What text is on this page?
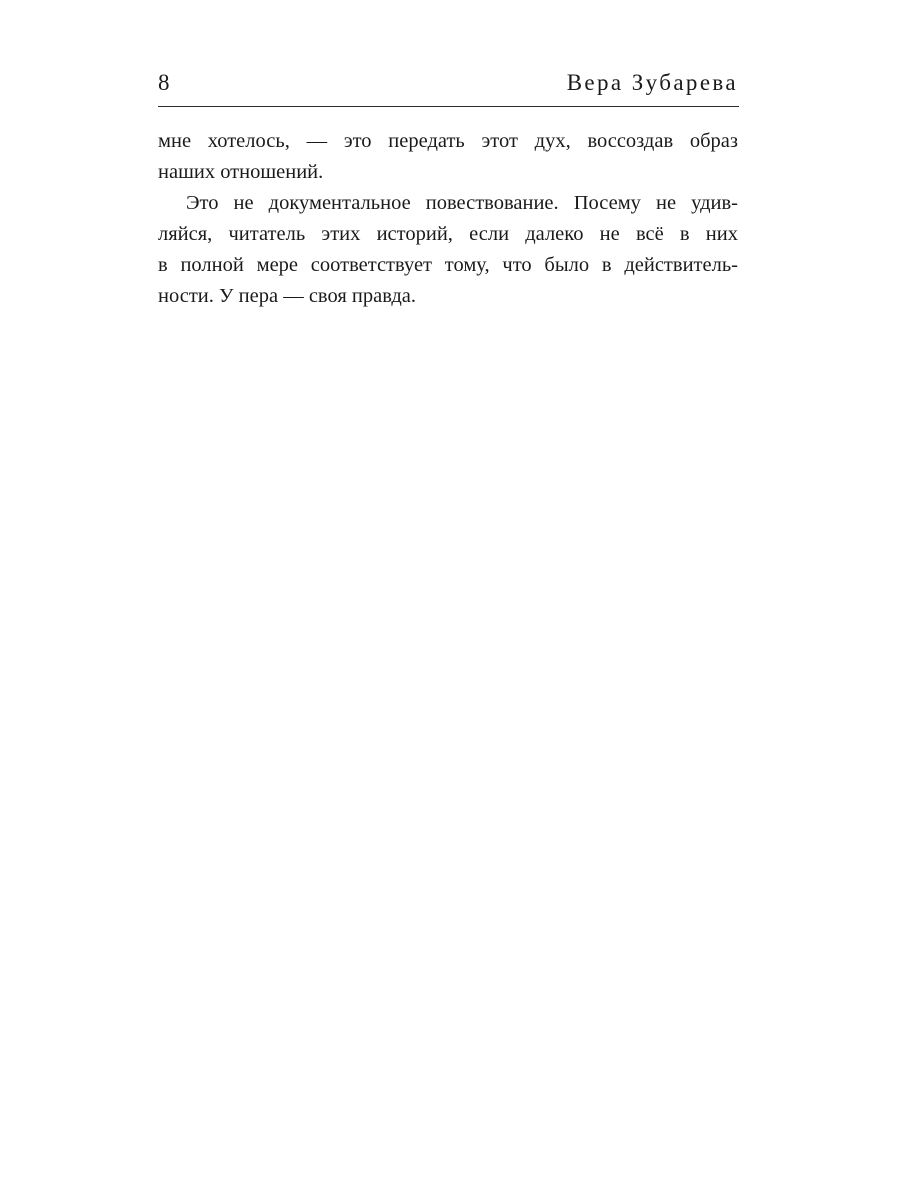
8	Вера Зубарева
мне хотелось, — это передать этот дух, воссоздав образ
наших отношений.
Это не документальное повествование. Посему не удив-
ляйся, читатель этих историй, если далеко не всё в них
в полной мере соответствует тому, что было в действитель-
ности. У пера — своя правда.
